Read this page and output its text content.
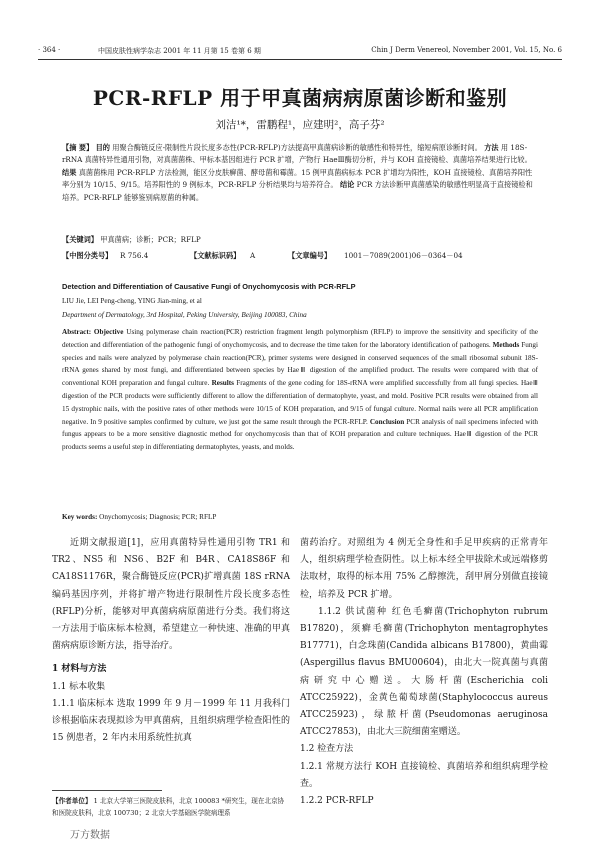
· 364 ·	中国皮肤性病学杂志 2001 年 11 月第 15 卷第 6 期	Chin J Derm Venereol, November 2001, Vol. 15, No. 6
PCR-RFLP 用于甲真菌病病原菌诊断和鉴别
刘洁¹*，雷鹏程¹，应建明²，高子芬²
【摘 要】 目的 用聚合酶链反应-限制性片段长度多态性(PCR-RFLP)方法提高甲真菌病诊断的敏感性和特异性，缩短病原诊断时间。 方法 用 18S-rRNA 真菌特异性通用引物，对真菌菌株、甲标本基因组进行 PCR 扩增，产物行 HaeⅢ酶切分析，并与 KOH 直接镜检、真菌培养结果进行比较。 结果 真菌菌株用 PCR-RFLP 方法检测，能区分皮肤癣菌、酵母菌和霉菌。15 例甲真菌病标本 PCR 扩增均为阳性，KOH 直接镜检、真菌培养阳性率分别为 10/15、9/15。培养阳性的 9 例标本，PCR-RFLP 分析结果均与培养符合。 结论 PCR 方法诊断甲真菌感染的敏感性明显高于直接镜检和培养。PCR-RFLP 能够鉴别病原菌的种属。
【关键词】 甲真菌病；诊断；PCR；RFLP
【中图分类号】 R 756.4	【文献标识码】 A	【文章编号】 1001－7089(2001)06－0364－04
Detection and Differentiation of Causative Fungi of Onychomycosis with PCR-RFLP
LIU Jie, LEI Peng-cheng, YING Jian-ming, et al
Department of Dermatology, 3rd Hospital, Peking University, Beijing 100083, China
Abstract: Objective Using polymerase chain reaction(PCR) restriction fragment length polymorphism (RFLP) to improve the sensitivity and specificity of the detection and differentiation of the pathogenic fungi of onychomycosis, and to decrease the time taken for the laboratory identification of pathogens. Methods Fungi species and nails were analyzed by polymerase chain reaction(PCR), primer systems were designed in conserved sequences of the small ribosomal subunit 18S-rRNA genes shared by most fungi, and differentiated between species by HaeⅢ digestion of the amplified product. The results were compared with that of conventional KOH preparation and fungal culture. Results Fragments of the gene coding for 18S-rRNA were amplified successfully from all fungi species. HaeⅢ digestion of the PCR products were sufficiently different to allow the differentiation of dermatophyte, yeast, and mold. Positive PCR results were obtained from all 15 dystrophic nails, with the positive rates of other methods were 10/15 of KOH preparation, and 9/15 of fungal culture. Normal nails were all PCR amplification negative. In 9 positive samples confirmed by culture, we just got the same result through the PCR-RFLP. Conclusion PCR analysis of nail specimens infected with fungus appears to be a more sensitive diagnostic method for onychomycosis than that of KOH preparation and culture techniques. HaeⅢ digestion of the PCR products seems a useful step in differentiating dermatophytes, yeasts, and molds.
Key words: Onychomycosis; Diagnosis; PCR; RFLP

近期文献报道[1]，应用真菌特异性通用引物 TR1 和 TR2、NS5 和 NS6、B2F 和 B4R、CA18S86F 和 CA18S1176R，聚合酶链反应(PCR)扩增真菌 18S rRNA 编码基因序列，并将扩增产物进行限制性片段长度多态性(RFLP)分析，能够对甲真菌病病原菌进行分类。我们将这一方法用于临床标本检测，希望建立一种快速、准确的甲真菌病病原诊断方法，指导治疗。

1 材料与方法

1.1 标本收集

1.1.1 临床标本 选取 1999 年 9 月－1999 年 11 月我科门诊根据临床表现拟诊为甲真菌病，且组织病理学检查阳性的 15 例患者，2 年内未用系统性抗真

菌药治疗。对照组为 4 例无全身性和手足甲疾病的正常青年人，组织病理学检查阴性。以上标本经全甲拔除术或远端修剪法取材，取得的标本用 75% 乙醇擦洗，刮甲屑分别做直接镜检，培养及 PCR 扩增。

1.1.2 供试菌种 红色毛癣菌(Trichophyton rubrum B17820)，须癣毛癣菌(Trichophyton mentagrophytes B17771)，白念珠菌(Candida albicans B17800)，黄曲霉(Aspergillus flavus BMU00604)，由北大一院真菌与真菌病研究中心赠送。大肠杆菌(Escherichia coli ATCC25922)，金黄色葡萄球菌(Staphylococcus aureus ATCC25923)，绿脓杆菌(Pseudomonas aeruginosa ATCC27853)，由北大三院细菌室赠送。

1.2 检查方法

1.2.1 常规方法行 KOH 直接镜检、真菌培养和组织病理学检查。

1.2.2 PCR-RFLP

【作者单位】 1 北京大学第三医院皮肤科，北京 100083 *研究生，现在北京协和医院皮肤科，北京 100730；2 北京大学基础医学院病理系
万方数据
